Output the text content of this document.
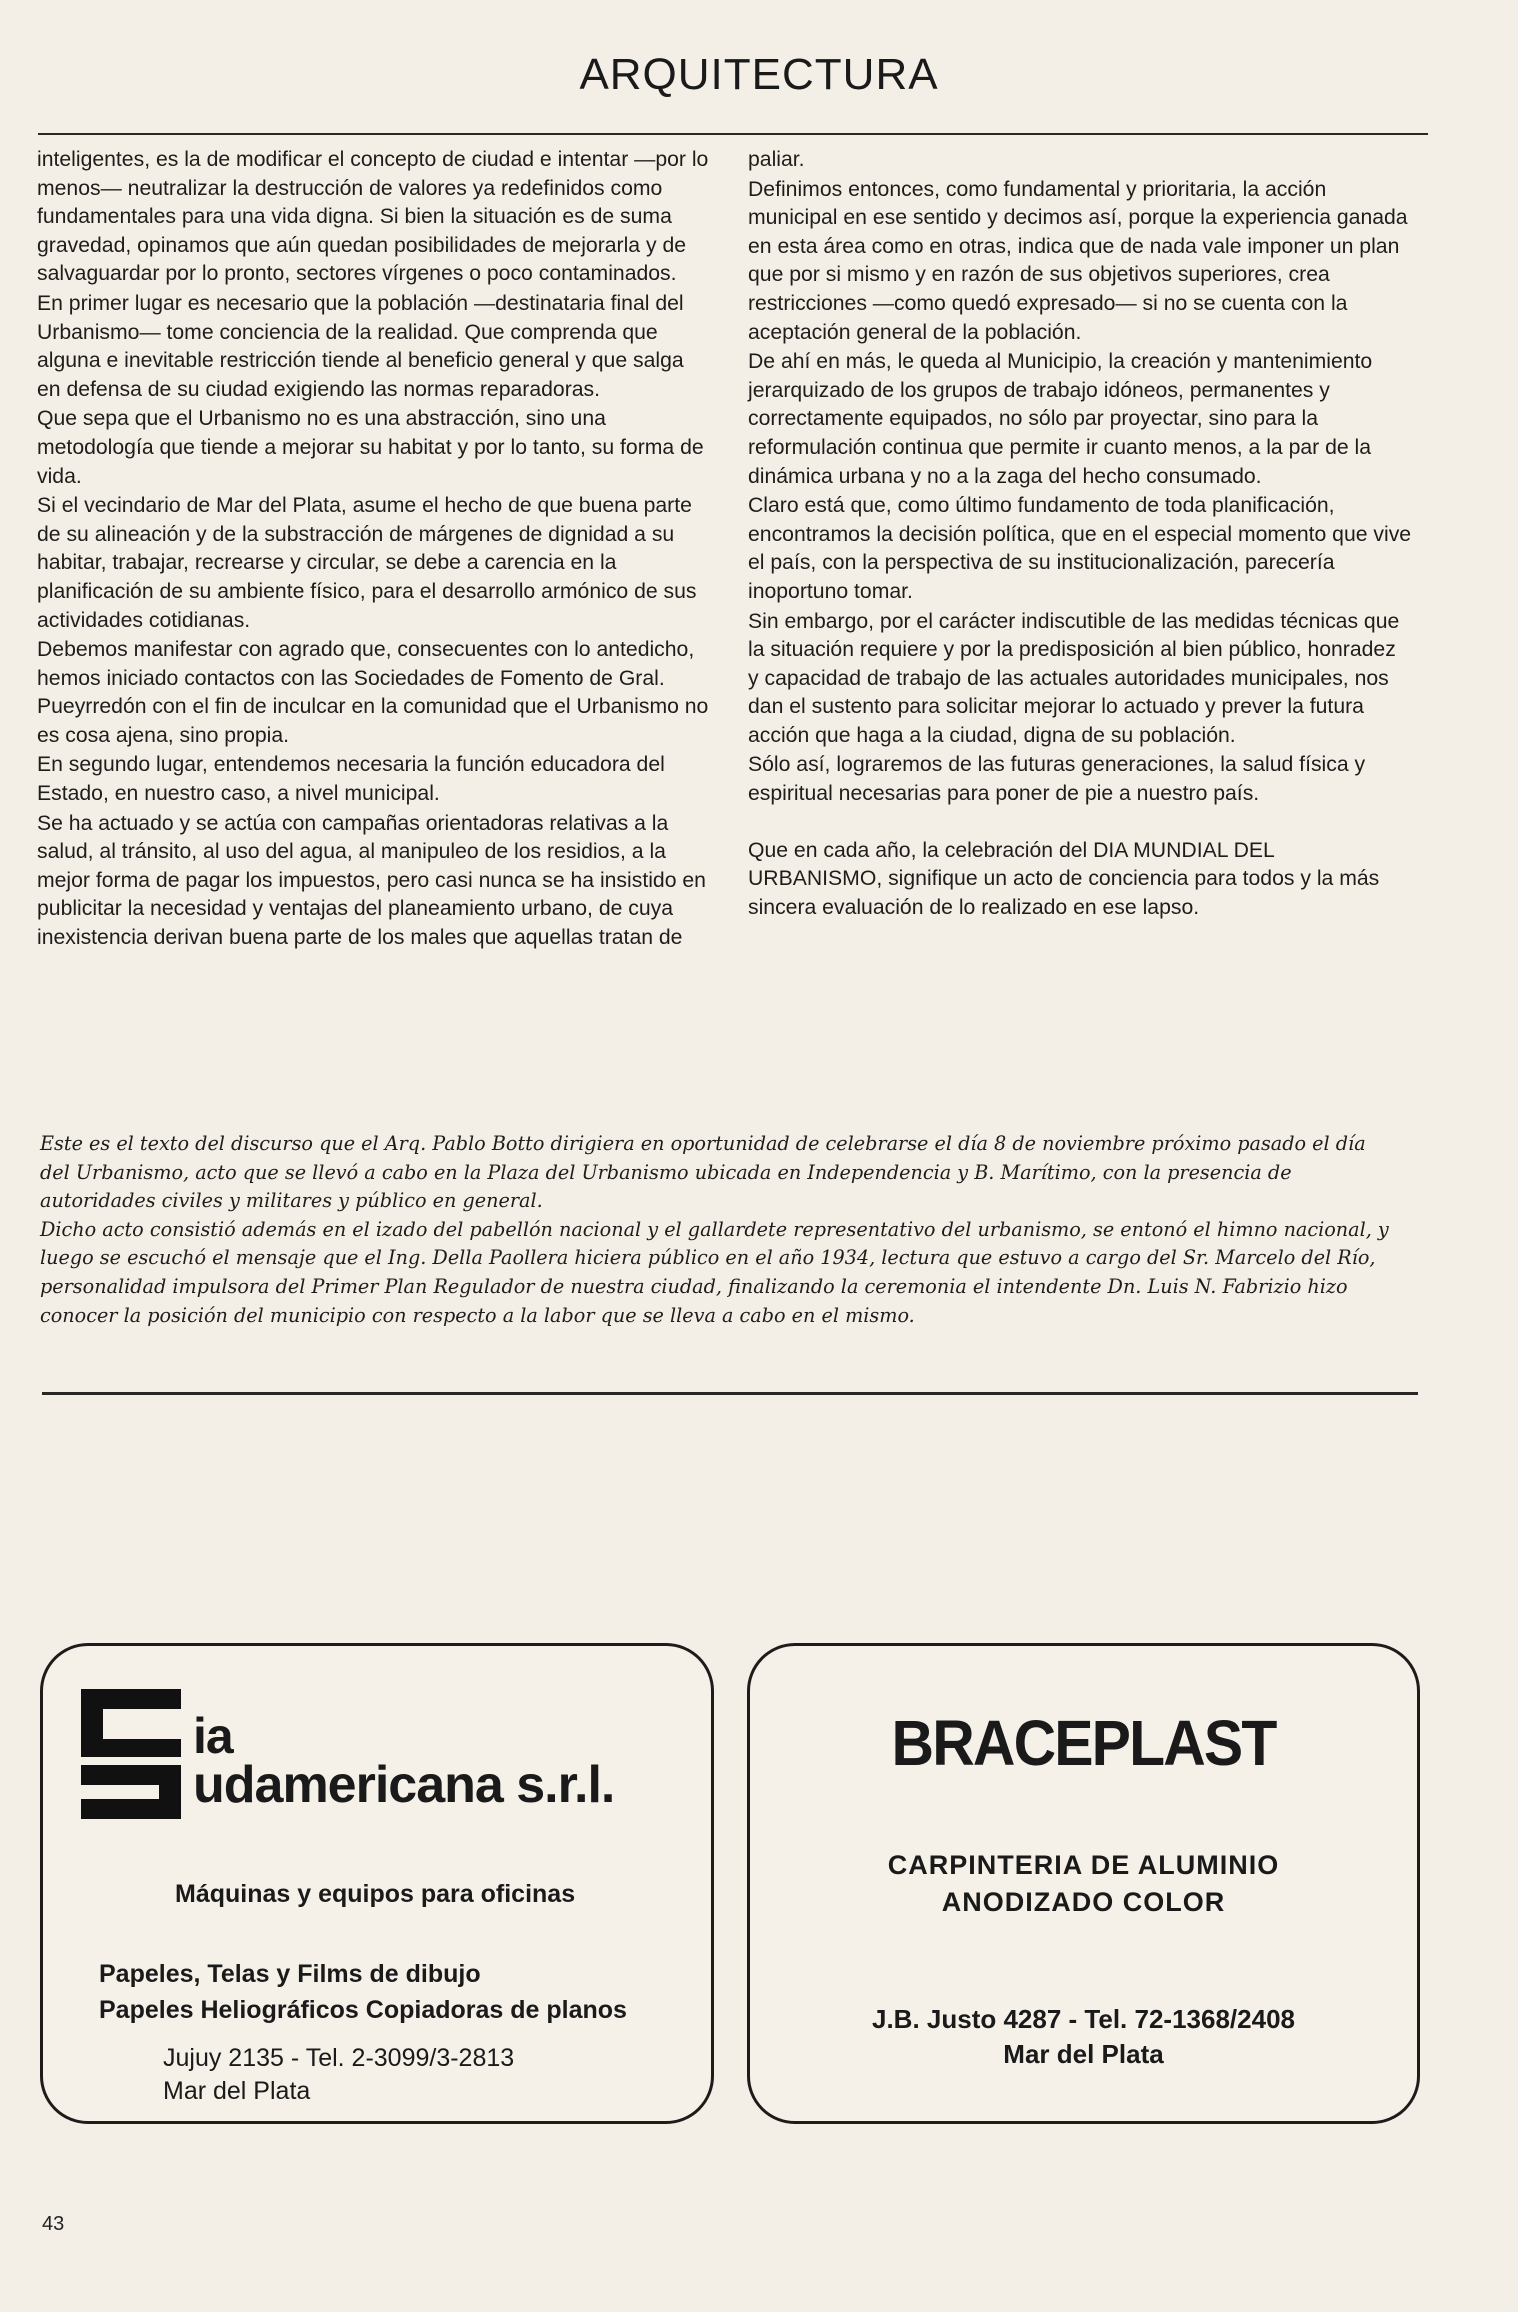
ARQUITECTURA

inteligentes, es la de modificar el concepto de ciudad e intentar —por lo menos— neutralizar la destrucción de valores ya redefinidos como fundamentales para una vida digna. Si bien la situación es de suma gravedad, opinamos que aún quedan posibilidades de mejorarla y de salvaguardar por lo pronto, sectores vírgenes o poco contaminados.

En primer lugar es necesario que la población —destinataria final del Urbanismo— tome conciencia de la realidad. Que comprenda que alguna e inevitable restricción tiende al beneficio general y que salga en defensa de su ciudad exigiendo las normas reparadoras.

Que sepa que el Urbanismo no es una abstracción, sino una metodología que tiende a mejorar su habitat y por lo tanto, su forma de vida.

Si el vecindario de Mar del Plata, asume el hecho de que buena parte de su alineación y de la substracción de márgenes de dignidad a su habitar, trabajar, recrearse y circular, se debe a carencia en la planificación de su ambiente físico, para el desarrollo armónico de sus actividades cotidianas.

Debemos manifestar con agrado que, consecuentes con lo antedicho, hemos iniciado contactos con las Sociedades de Fomento de Gral. Pueyrredón con el fin de inculcar en la comunidad que el Urbanismo no es cosa ajena, sino propia.

En segundo lugar, entendemos necesaria la función educadora del Estado, en nuestro caso, a nivel municipal.

Se ha actuado y se actúa con campañas orientadoras relativas a la salud, al tránsito, al uso del agua, al manipuleo de los residios, a la mejor forma de pagar los impuestos, pero casi nunca se ha insistido en publicitar la necesidad y ventajas del planeamiento urbano, de cuya inexistencia derivan buena parte de los males que aquellas tratan de

paliar.

Definimos entonces, como fundamental y prioritaria, la acción municipal en ese sentido y decimos así, porque la experiencia ganada en esta área como en otras, indica que de nada vale imponer un plan que por si mismo y en razón de sus objetivos superiores, crea restricciones —como quedó expresado— si no se cuenta con la aceptación general de la población.

De ahí en más, le queda al Municipio, la creación y mantenimiento jerarquizado de los grupos de trabajo idóneos, permanentes y correctamente equipados, no sólo par proyectar, sino para la reformulación continua que permite ir cuanto menos, a la par de la dinámica urbana y no a la zaga del hecho consumado.

Claro está que, como último fundamento de toda planificación, encontramos la decisión política, que en el especial momento que vive el país, con la perspectiva de su institucionalización, parecería inoportuno tomar.

Sin embargo, por el carácter indiscutible de las medidas técnicas que la situación requiere y por la predisposición al bien público, honradez y capacidad de trabajo de las actuales autoridades municipales, nos dan el sustento para solicitar mejorar lo actuado y prever la futura acción que haga a la ciudad, digna de su población.

Sólo así, lograremos de las futuras generaciones, la salud física y espiritual necesarias para poner de pie a nuestro país.

Que en cada año, la celebración del DIA MUNDIAL DEL URBANISMO, signifique un acto de conciencia para todos y la más sincera evaluación de lo realizado en ese lapso.

Este es el texto del discurso que el Arq. Pablo Botto dirigiera en oportunidad de celebrarse el día 8 de noviembre próximo pasado el día del Urbanismo, acto que se llevó a cabo en la Plaza del Urbanismo ubicada en Independencia y B. Marítimo, con la presencia de autoridades civiles y militares y público en general.

Dicho acto consistió además en el izado del pabellón nacional y el gallardete representativo del urbanismo, se entonó el himno nacional, y luego se escuchó el mensaje que el Ing. Della Paollera hiciera público en el año 1934, lectura que estuvo a cargo del Sr. Marcelo del Río, personalidad impulsora del Primer Plan Regulador de nuestra ciudad, finalizando la ceremonia el intendente Dn. Luis N. Fabrizio hizo conocer la posición del municipio con respecto a la labor que se lleva a cabo en el mismo.

ia
udamericana s.r.l.
Máquinas y equipos para oficinas
Papeles, Telas y Films de dibujo
Papeles Heliográficos Copiadoras de planos
Jujuy 2135 - Tel. 2-3099/3-2813
Mar del Plata
BRACEPLAST
CARPINTERIA DE ALUMINIO
ANODIZADO COLOR
J.B. Justo 4287 - Tel. 72-1368/2408
Mar del Plata
43
